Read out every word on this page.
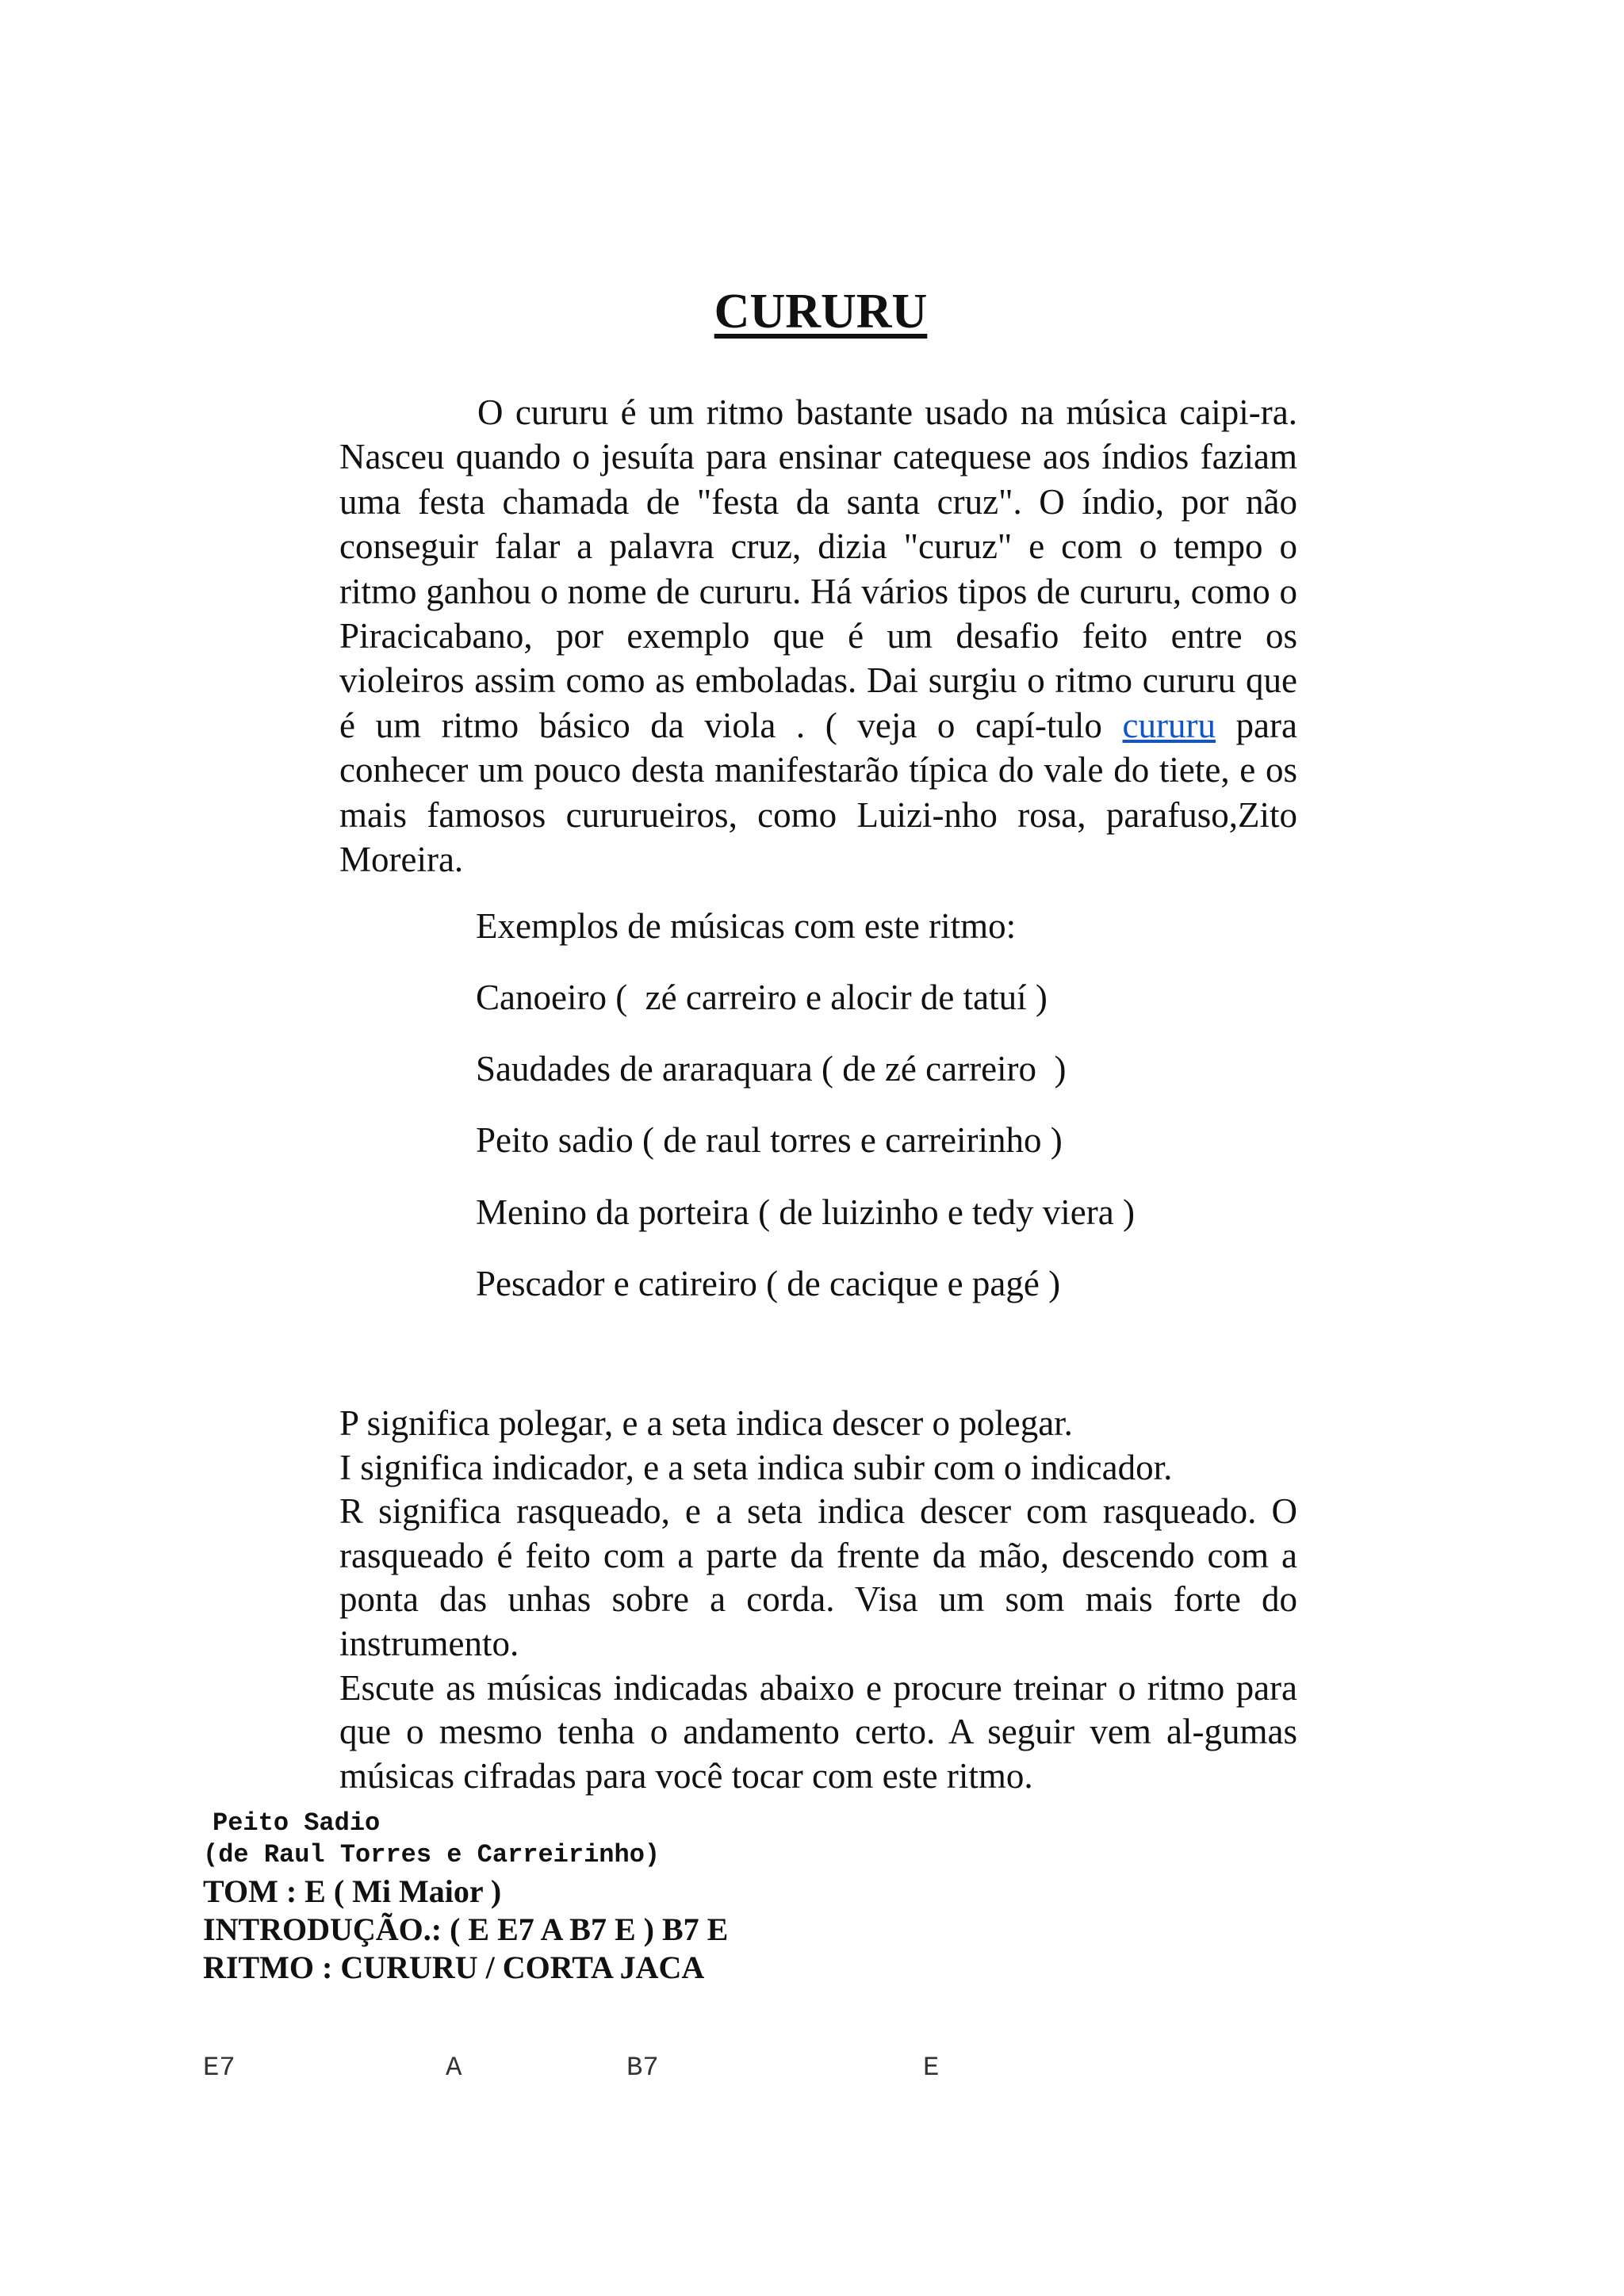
CURURU
O cururu é um ritmo bastante usado na música caipi-ra. Nasceu quando o jesuíta para ensinar catequese aos índios faziam uma festa chamada de "festa da santa cruz". O índio, por não conseguir falar a palavra cruz, dizia "curuz" e com o tempo o ritmo ganhou o nome de cururu. Há vários tipos de cururu, como o Piracicabano, por exemplo que é um desafio feito entre os violeiros assim como as emboladas. Dai surgiu o ritmo cururu que é um ritmo básico da viola . ( veja o capí-tulo cururu para conhecer um pouco desta manifestarão típica do vale do tiete, e os mais famosos cururueiros, como Luizi-nho rosa, parafuso,Zito Moreira.
Exemplos de músicas com este ritmo:
Canoeiro (  zé carreiro e alocir de tatuí )
Saudades de araraquara ( de zé carreiro  )
Peito sadio ( de raul torres e carreirinho )
Menino da porteira ( de luizinho e tedy viera )
Pescador e catireiro ( de cacique e pagé )

P significa polegar, e a seta indica descer o polegar.

I significa indicador, e a seta indica subir com o indicador.

R significa rasqueado, e a seta indica descer com rasqueado. O rasqueado é feito com a parte da frente da mão, descendo com a ponta das unhas sobre a corda. Visa um som mais forte do instrumento.

Escute as músicas indicadas abaixo e procure treinar o ritmo para que o mesmo tenha o andamento certo. A seguir vem al-gumas músicas cifradas para você tocar com este ritmo.

Peito Sadio
(de Raul Torres e Carreirinho)
TOM : E ( Mi Maior )
INTRODUÇÃO.: ( E E7 A B7 E ) B7 E
RITMO : CURURU / CORTA JACA
E7	A	B7	E
